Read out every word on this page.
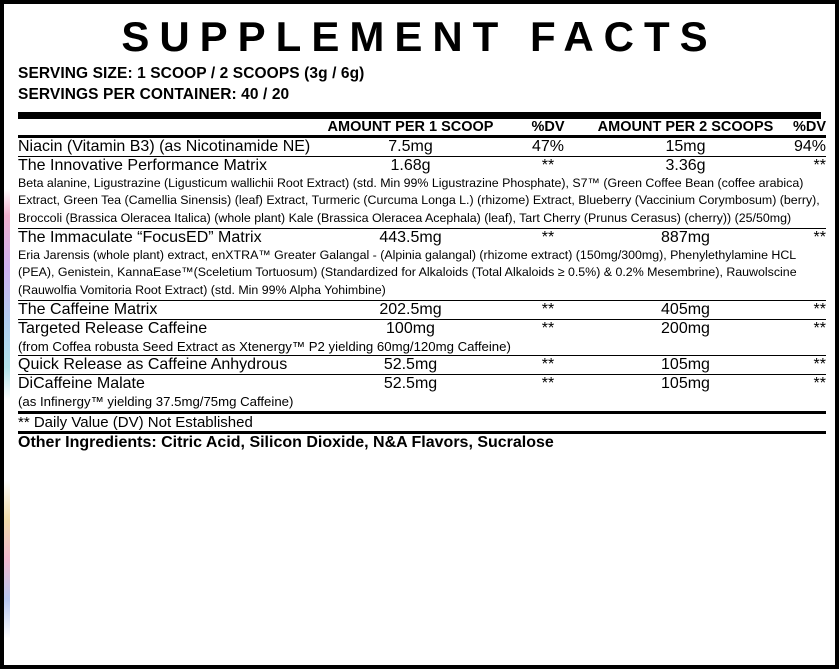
SUPPLEMENT FACTS
SERVING SIZE: 1 SCOOP / 2 SCOOPS (3g / 6g)
SERVINGS PER CONTAINER: 40 / 20
	AMOUNT PER 1 SCOOP	%DV	AMOUNT PER 2 SCOOPS	%DV

Niacin (Vitamin B3) (as Nicotinamide NE)	7.5mg	47%	15mg	94%

The Innovative Performance Matrix	1.68g	**	3.36g	**
Beta alanine, Ligustrazine (Ligusticum wallichii Root Extract) (std. Min 99% Ligustrazine Phosphate), S7™ (Green Coffee Bean (coffee arabica) Extract, Green Tea (Camellia Sinensis) (leaf) Extract, Turmeric (Curcuma Longa L.) (rhizome) Extract, Blueberry (Vaccinium Corymbosum) (berry), Broccoli (Brassica Oleracea Italica) (whole plant) Kale (Brassica Oleracea Acephala) (leaf), Tart Cherry (Prunus Cerasus) (cherry)) (25/50mg)				

The Immaculate “FocusED” Matrix	443.5mg	**	887mg	**
Eria Jarensis (whole plant) extract, enXTRA™ Greater Galangal - (Alpinia galangal) (rhizome extract) (150mg/300mg), Phenylethylamine HCL (PEA), Genistein, KannaEase™(Sceletium Tortuosum) (Standardized for Alkaloids (Total Alkaloids ≥ 0.5%) & 0.2% Mesembrine), Rauwolscine (Rauwolfia Vomitoria Root Extract) (std. Min 99% Alpha Yohimbine)				

The Caffeine Matrix	202.5mg	**	405mg	**

Targeted Release Caffeine	100mg	**	200mg	**
(from Coffea robusta Seed Extract as Xtenergy™ P2 yielding 60mg/120mg Caffeine)				

Quick Release as Caffeine Anhydrous	52.5mg	**	105mg	**

DiCaffeine Malate	52.5mg	**	105mg	**
(as Infinergy™ yielding 37.5mg/75mg Caffeine)				

** Daily Value (DV) Not Established				

Other Ingredients: Citric Acid, Silicon Dioxide, N&A Flavors, Sucralose				
